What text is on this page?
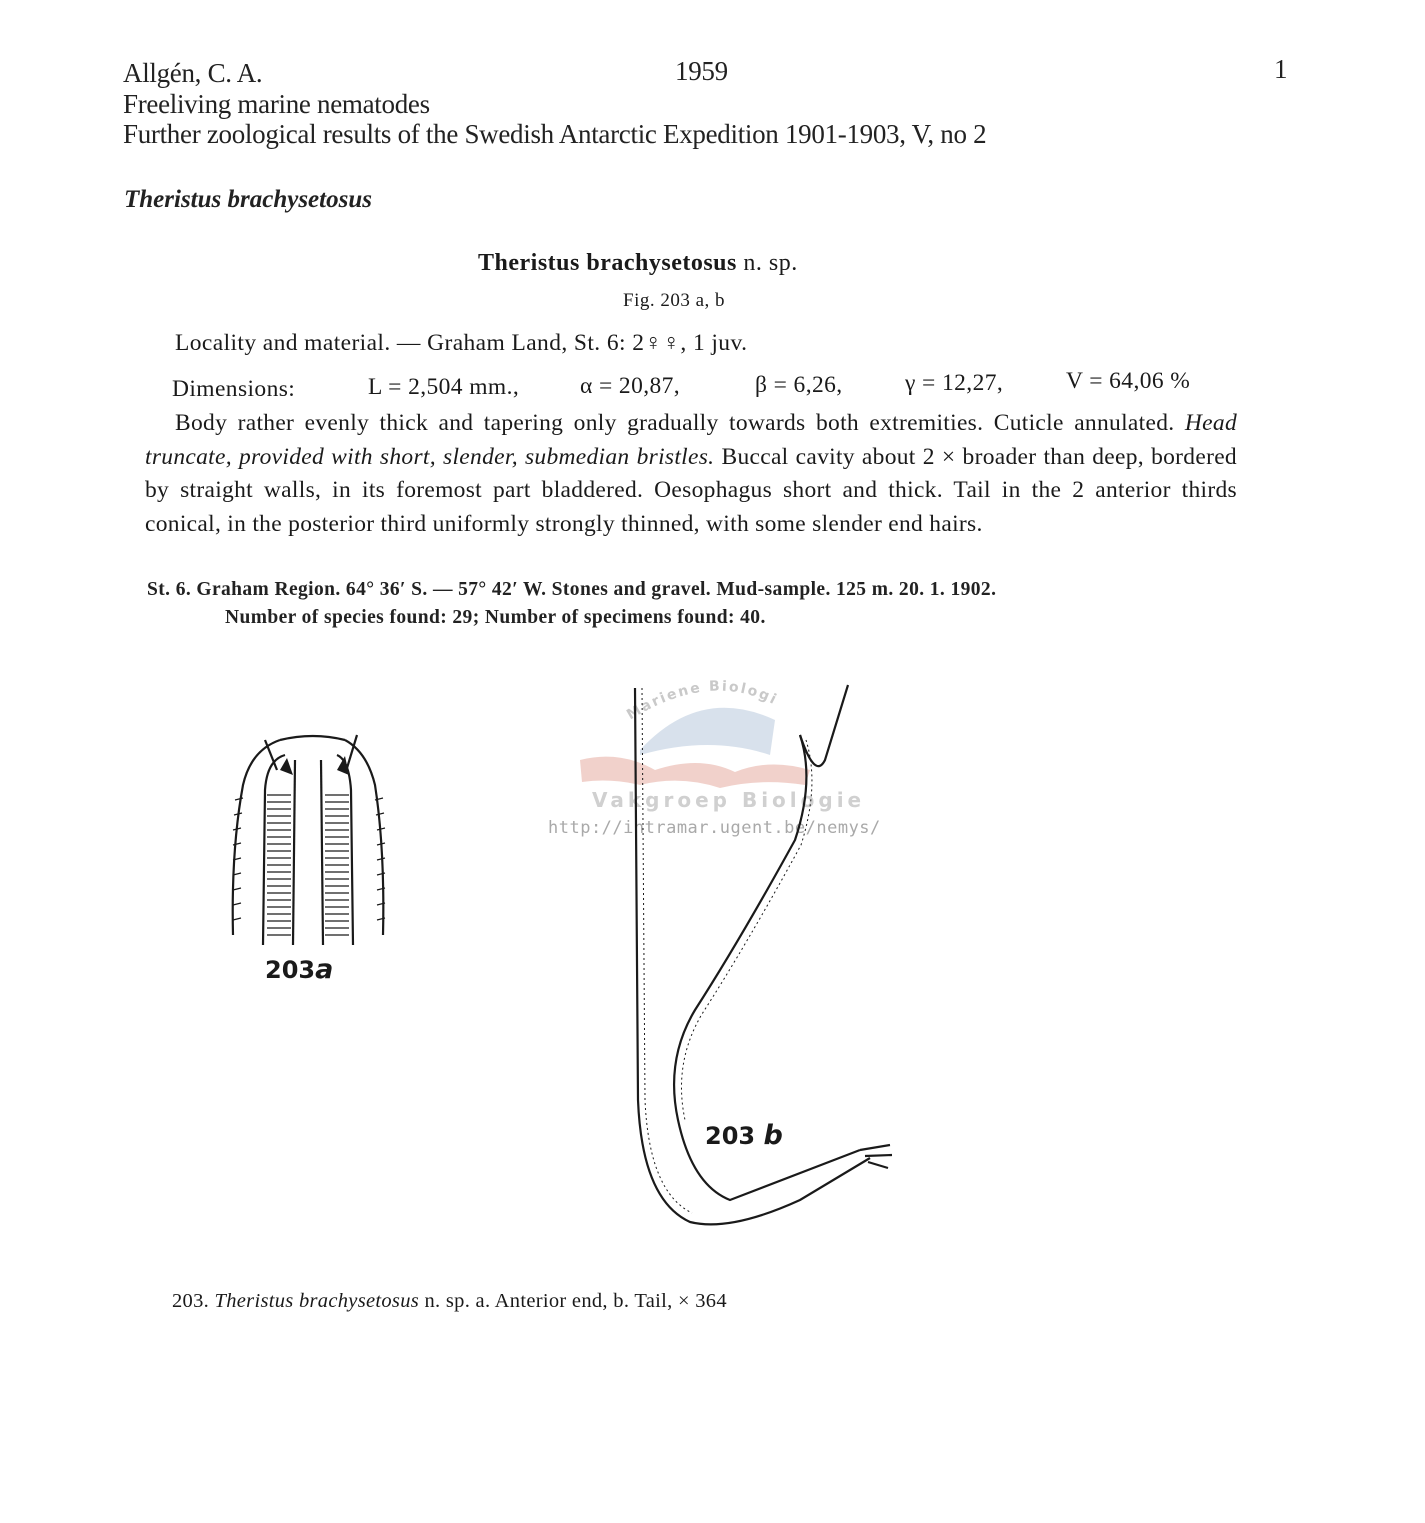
Allgén, C. A.	1959	1
Freeliving marine nematodes
Further zoological results of the Swedish Antarctic Expedition 1901-1903, V, no 2
Theristus brachysetosus
Theristus brachysetosus n. sp.
Fig. 203 a, b
Locality and material. — Graham Land, St. 6: 2♀♀, 1 juv.
Dimensions:	L = 2,504 mm.,	α = 20,87,	β = 6,26,	γ = 12,27,	V = 64,06 %
Body rather evenly thick and tapering only gradually towards both extremities. Cuticle annulated. Head truncate, provided with short, slender, submedian bristles. Buccal cavity about 2 × broader than deep, bordered by straight walls, in its foremost part bladdered. Oesophagus short and thick. Tail in the 2 anterior thirds conical, in the posterior third uniformly strongly thinned, with some slender end hairs.
St. 6. Graham Region. 64° 36′ S. — 57° 42′ W. Stones and gravel. Mud-sample. 125 m. 20. 1. 1902.
Number of species found: 29; Number of specimens found: 40.
Mariene Biologie
Vakgroep Biologie
http://intramar.ugent.be/nemys/
203a
203 b
203. Theristus brachysetosus n. sp. a. Anterior end, b. Tail, × 364
